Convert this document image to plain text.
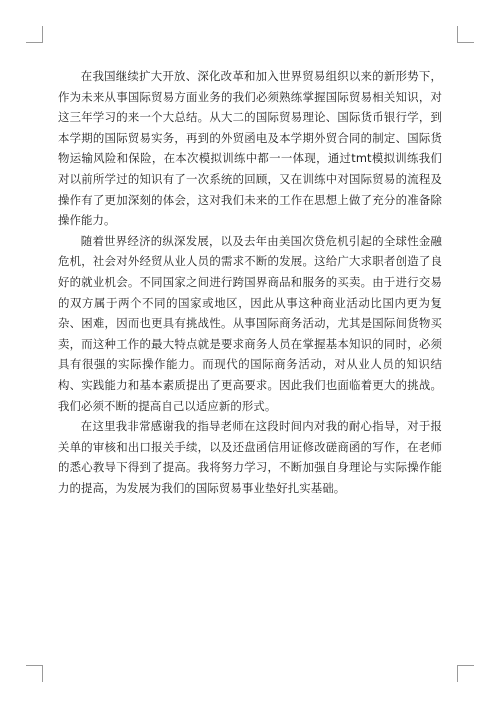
在我国继续扩大开放、深化改革和加入世界贸易组织以来的新形势下，作为未来从事国际贸易方面业务的我们必须熟练掌握国际贸易相关知识，对这三年学习的来一个大总结。从大二的国际贸易理论、国际货币银行学，到本学期的国际贸易实务，再到的外贸函电及本学期外贸合同的制定、国际货物运输风险和保险，在本次模拟训练中都一一体现，通过tmt模拟训练我们对以前所学过的知识有了一次系统的回顾，又在训练中对国际贸易的流程及操作有了更加深刻的体会，这对我们未来的工作在思想上做了充分的准备除操作能力。

随着世界经济的纵深发展，以及去年由美国次贷危机引起的全球性金融危机，社会对外经贸从业人员的需求不断的发展。这给广大求职者创造了良好的就业机会。不同国家之间进行跨国界商品和服务的买卖。由于进行交易的双方属于两个不同的国家或地区，因此从事这种商业活动比国内更为复杂、困难，因而也更具有挑战性。从事国际商务活动，尤其是国际间货物买卖，而这种工作的最大特点就是要求商务人员在掌握基本知识的同时，必须具有很强的实际操作能力。而现代的国际商务活动，对从业人员的知识结构、实践能力和基本素质提出了更高要求。因此我们也面临着更大的挑战。我们必须不断的提高自己以适应新的形式。

在这里我非常感谢我的指导老师在这段时间内对我的耐心指导，对于报关单的审核和出口报关手续，以及还盘函信用证修改磋商函的写作，在老师的悉心教导下得到了提高。我将努力学习，不断加强自身理论与实际操作能力的提高，为发展为我们的国际贸易事业垫好扎实基础。
